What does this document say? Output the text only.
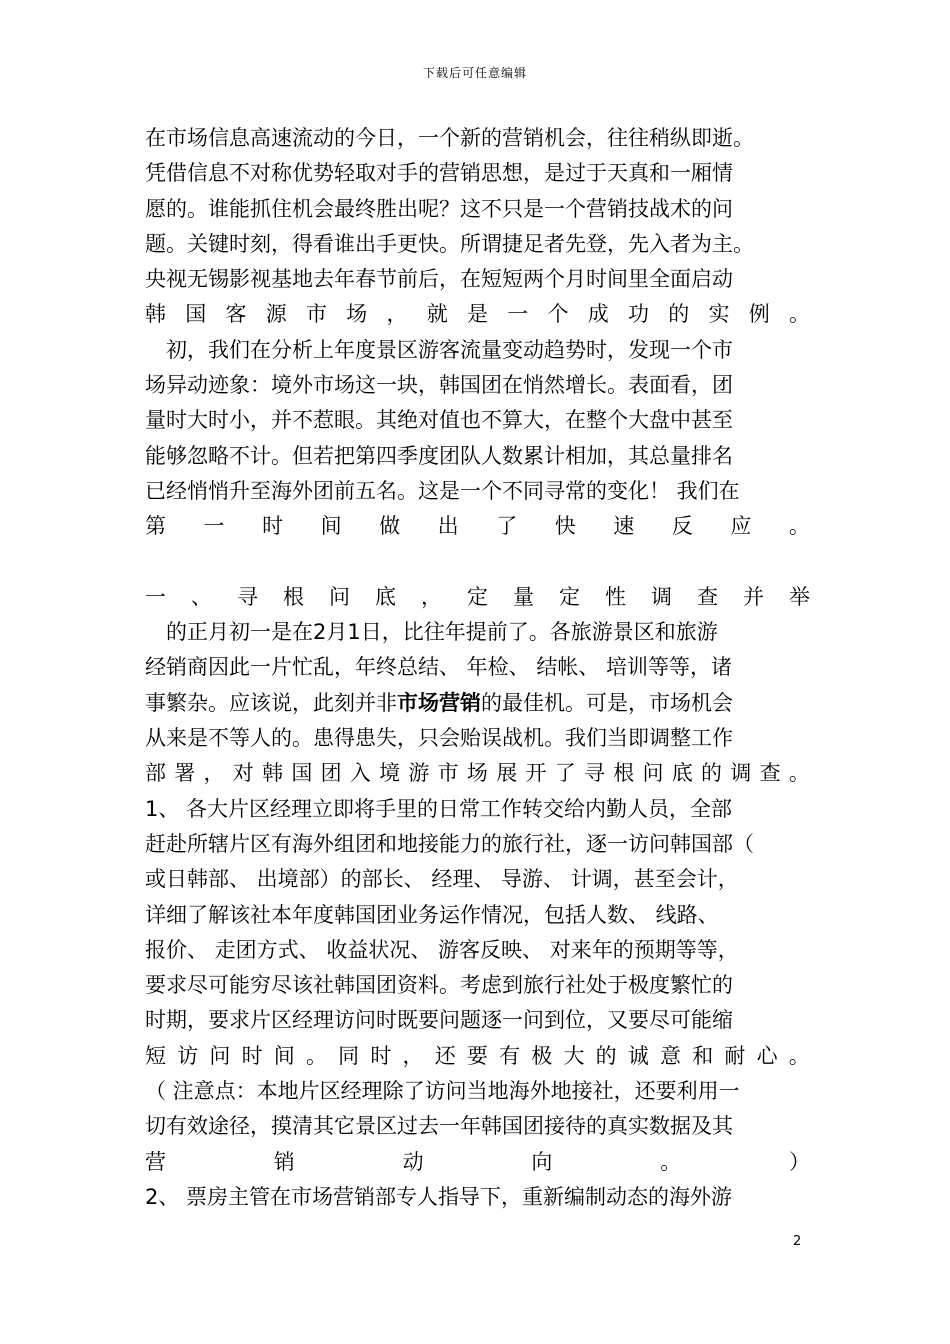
下载后可任意编辑
在市场信息高速流动的今日，一个新的营销机会，往往稍纵即逝。
凭借信息不对称优势轻取对手的营销思想，是过于天真和一厢情
愿的。谁能抓住机会最终胜出呢？这不只是一个营销技战术的问
题。关键时刻，得看谁出手更快。所谓捷足者先登，先入者为主。
央视无锡影视基地去年春节前后，在短短两个月时间里全面启动
韩 国 客 源 市 场 ， 就 是 一 个 成 功 的 实 例 。
　初，我们在分析上年度景区游客流量变动趋势时，发现一个市
场异动迹象：境外市场这一块，韩国团在悄然增长。表面看，团
量时大时小，并不惹眼。其绝对值也不算大，在整个大盘中甚至
能够忽略不计。但若把第四季度团队人数累计相加，其总量排名
已经悄悄升至海外团前五名。这是一个不同寻常的变化！ 我们在
第 一 时 间 做 出 了 快 速 反 应 。
一 、 寻 根 问 底 ， 定 量 定 性 调 查 并 举
　的正月初一是在2月1日，比往年提前了。各旅游景区和旅游
经销商因此一片忙乱，年终总结、 年检、 结帐、 培训等等，诸
事繁杂。应该说，此刻并非市场营销的最佳机。可是，市场机会
从来是不等人的。患得患失，只会贻误战机。我们当即调整工作
部 署 ， 对 韩 国 团 入 境 游 市 场 展 开 了 寻 根 问 底 的 调 查 。
1、 各大片区经理立即将手里的日常工作转交给内勤人员，全部
赶赴所辖片区有海外组团和地接能力的旅行社，逐一访问韩国部（
或日韩部、 出境部）的部长、 经理、 导游、 计调，甚至会计，
详细了解该社本年度韩国团业务运作情况，包括人数、 线路、
报价、 走团方式、 收益状况、 游客反映、 对来年的预期等等，
要求尽可能穷尽该社韩国团资料。考虑到旅行社处于极度繁忙的
时期，要求片区经理访问时既要问题逐一问到位，又要尽可能缩
短 访 问 时 间 。 同 时 ， 还 要 有 极 大 的 诚 意 和 耐 心 。
（ 注意点：本地片区经理除了访问当地海外地接社，还要利用一
切有效途径，摸清其它景区过去一年韩国团接待的真实数据及其
营	销	动	向	。	）
2、 票房主管在市场营销部专人指导下，重新编制动态的海外游
2
